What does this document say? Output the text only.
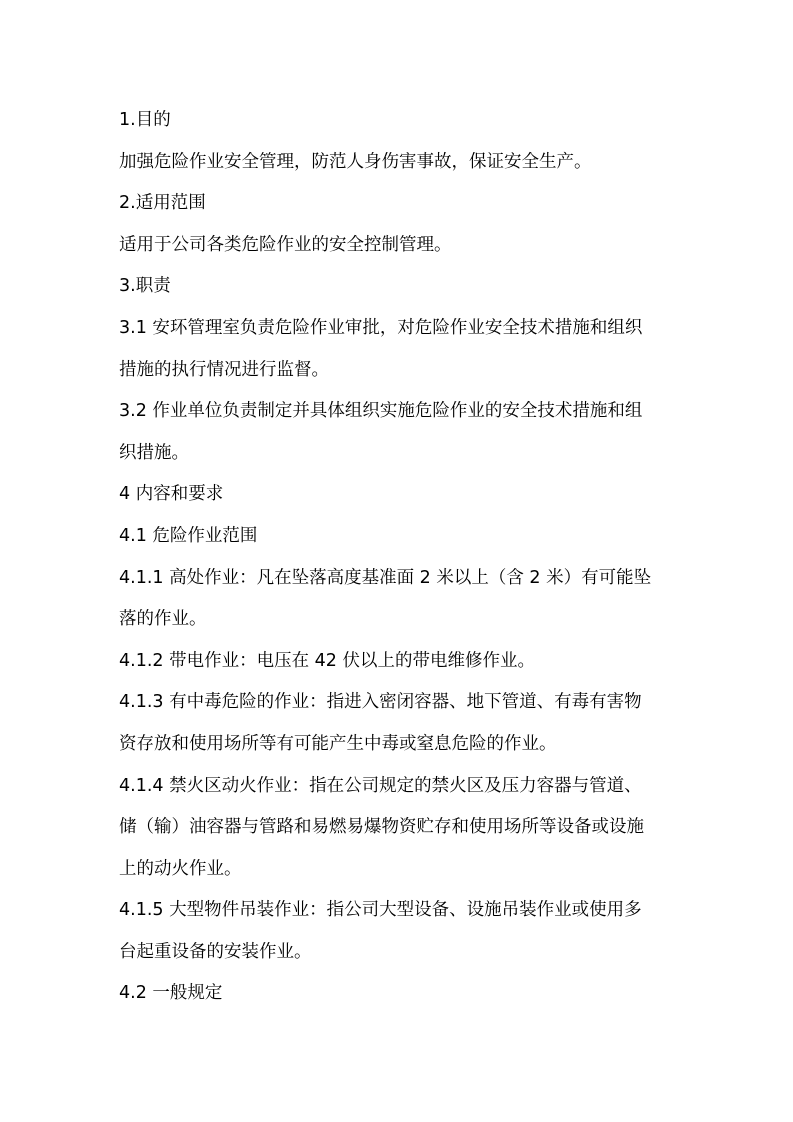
1.目的
加强危险作业安全管理，防范人身伤害事故，保证安全生产。
2.适用范围
适用于公司各类危险作业的安全控制管理。
3.职责
3.1 安环管理室负责危险作业审批，对危险作业安全技术措施和组织
措施的执行情况进行监督。
3.2 作业单位负责制定并具体组织实施危险作业的安全技术措施和组
织措施。
4 内容和要求
4.1 危险作业范围
4.1.1 高处作业：凡在坠落高度基准面 2 米以上（含 2 米）有可能坠
落的作业。
4.1.2 带电作业：电压在 42 伏以上的带电维修作业。
4.1.3 有中毒危险的作业：指进入密闭容器、地下管道、有毒有害物
资存放和使用场所等有可能产生中毒或窒息危险的作业。
4.1.4 禁火区动火作业：指在公司规定的禁火区及压力容器与管道、
储（输）油容器与管路和易燃易爆物资贮存和使用场所等设备或设施
上的动火作业。
4.1.5 大型物件吊装作业：指公司大型设备、设施吊装作业或使用多
台起重设备的安装作业。
4.2 一般规定
